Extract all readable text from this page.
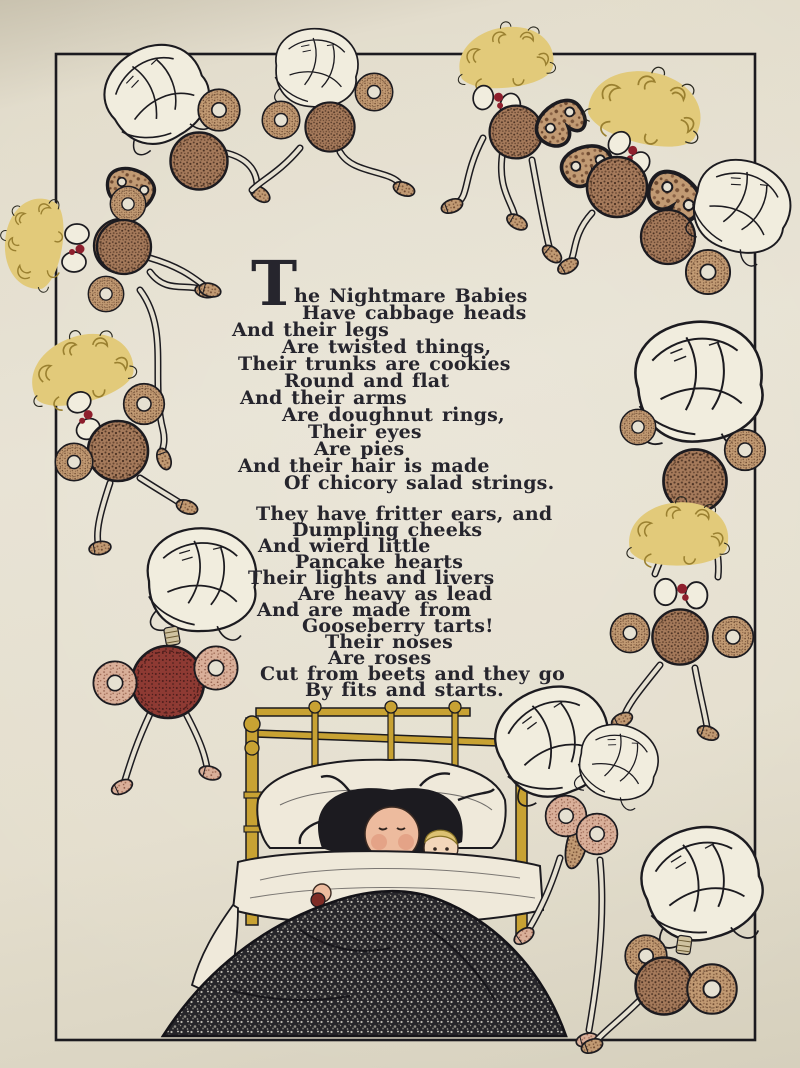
T
he Nightmare Babies
Have cabbage heads
And their legs
Are twisted things,
Their trunks are cookies
Round and flat
And their arms
Are doughnut rings,
Their eyes
Are pies
And their hair is made
Of chicory salad strings.
They have fritter ears, and
Dumpling cheeks
And wierd little
Pancake hearts
Their lights and livers
Are heavy as lead
And are made from
Gooseberry tarts!
Their noses
Are roses
Cut from beets and they go
By fits and starts.
